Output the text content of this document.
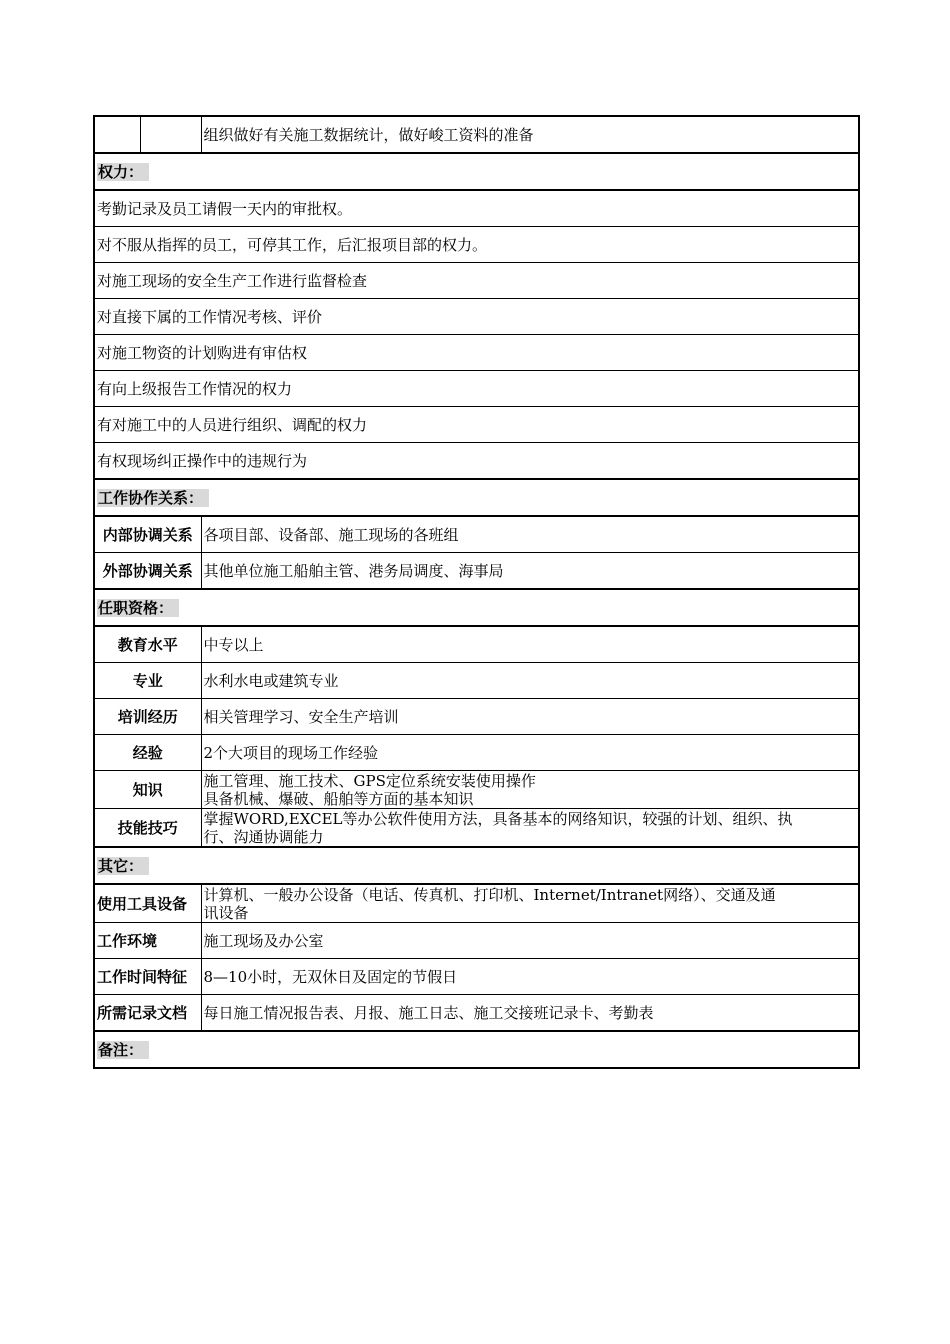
		组织做好有关施工数据统计，做好峻工资料的准备
权力：		
考勤记录及员工请假一天内的审批权。		
对不服从指挥的员工，可停其工作，后汇报项目部的权力。		
对施工现场的安全生产工作进行监督检查		
对直接下属的工作情况考核、评价		
对施工物资的计划购进有审估权		
有向上级报告工作情况的权力		
有对施工中的人员进行组织、调配的权力		
有权现场纠正操作中的违规行为		
工作协作关系：		
内部协调关系		各项目部、设备部、施工现场的各班组
外部协调关系		其他单位施工船舶主管、港务局调度、海事局
任职资格：		
教育水平		中专以上
专业		水利水电或建筑专业
培训经历		相关管理学习、安全生产培训
经验		2个大项目的现场工作经验
知识		施工管理、施工技术、GPS定位系统安装使用操作
具备机械、爆破、船舶等方面的基本知识

技能技巧		掌握WORD,EXCEL等办公软件使用方法，具备基本的网络知识，较强的计划、组织、执
行、沟通协调能力

其它：		
使用工具设备		计算机、一般办公设备（电话、传真机、打印机、Internet/Intranet网络）、交通及通
讯设备

工作环境		施工现场及办公室
工作时间特征		8—10小时，无双休日及固定的节假日
所需记录文档		每日施工情况报告表、月报、施工日志、施工交接班记录卡、考勤表
备注：		
